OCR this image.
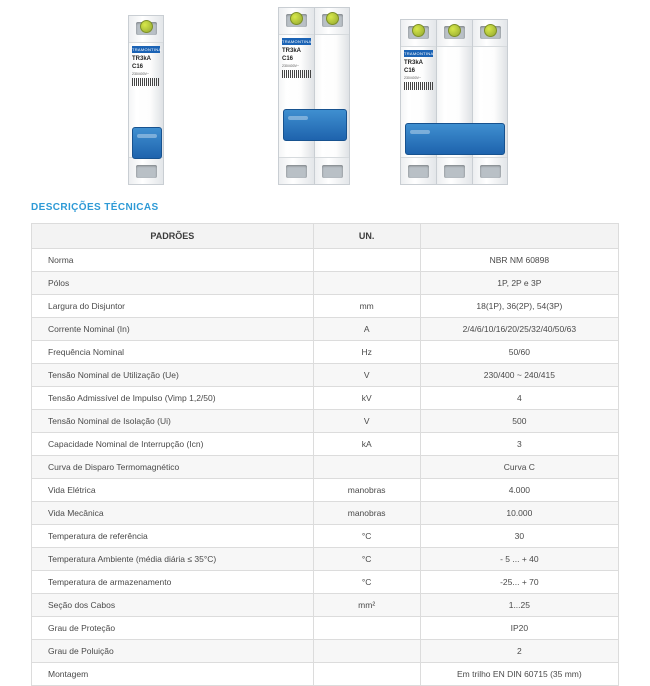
TRAMONTINA
TR3kA
C16
230/400V~
TRAMONTINA
TR3kA
C16
230/400V~
TRAMONTINA
TR3kA
C16
230/400V~
DESCRIÇÕES TÉCNICAS
PADRÕES	UN.	
Norma		NBR NM 60898
Pólos		1P, 2P e 3P
Largura do Disjuntor	mm	18(1P), 36(2P), 54(3P)
Corrente Nominal (In)	A	2/4/6/10/16/20/25/32/40/50/63
Frequência Nominal	Hz	50/60
Tensão Nominal de Utilização (Ue)	V	230/400 ~ 240/415
Tensão Admissível de Impulso (Vimp 1,2/50)	kV	4
Tensão Nominal de Isolação (Ui)	V	500
Capacidade Nominal de Interrupção (Icn)	kA	3
Curva de Disparo Termomagnético		Curva C
Vida Elétrica	manobras	4.000
Vida Mecânica	manobras	10.000
Temperatura de referência	°C	30
Temperatura Ambiente (média diária ≤ 35°C)	°C	- 5 ... + 40
Temperatura de armazenamento	°C	-25... + 70
Seção dos Cabos	mm²	1...25
Grau de Proteção		IP20
Grau de Poluição		2
Montagem		Em trilho EN DIN 60715 (35 mm)
